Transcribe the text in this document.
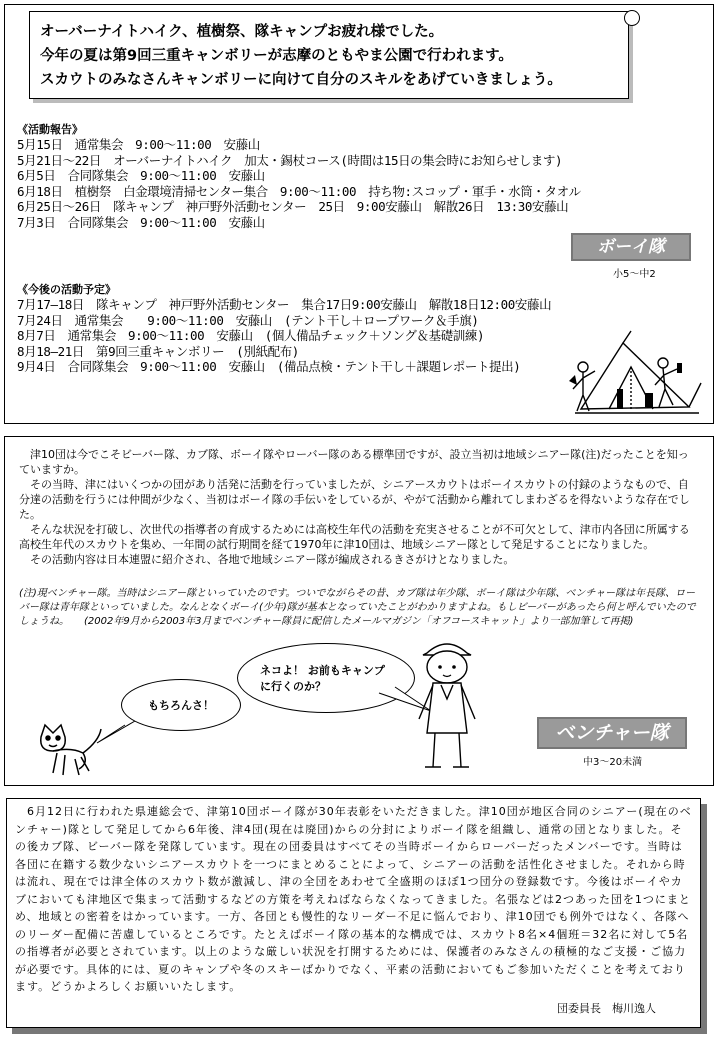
オーバーナイトハイク、植樹祭、隊キャンプお疲れ様でした。
今年の夏は第9回三重キャンボリーが志摩のともやま公園で行われます。
スカウトのみなさんキャンボリーに向けて自分のスキルをあげていきましょう。
《活動報告》
5月15日　通常集会　9:00～11:00　安藤山
5月21日～22日　オーバーナイトハイク　加太・錫杖コース(時間は15日の集会時にお知らせします)
6月5日　合同隊集会　9:00～11:00　安藤山
6月18日　植樹祭　白金環境清掃センター集合　9:00～11:00　持ち物:スコップ・軍手・水筒・タオル
6月25日～26日　隊キャンプ　神戸野外活動センター　25日　9:00安藤山　解散26日　13:30安藤山
7月3日　合同隊集会　9:00～11:00　安藤山
ボーイ隊
小5～中2
《今後の活動予定》
7月17―18日　隊キャンプ　神戸野外活動センター　集合17日9:00安藤山　解散18日12:00安藤山
7月24日　通常集会　　9:00～11:00　安藤山　(テント干し＋ロープワーク＆手旗)
8月7日　通常集会　9:00～11:00　安藤山　(個人備品チェック＋ソング＆基礎訓練)
8月18―21日　第9回三重キャンボリー　(別紙配布)
9月4日　合同隊集会　9:00～11:00　安藤山　(備品点検・テント干し＋課題レポート提出)
　津10団は今でこそビーバー隊、カブ隊、ボーイ隊やローバー隊のある標準団ですが、設立当初は地域シニアー隊(注)だったことを知っていますか。
　その当時、津にはいくつかの団があり活発に活動を行っていましたが、シニアースカウトはボーイスカウトの付録のようなもので、自分達の活動を行うには仲間が少なく、当初はボーイ隊の手伝いをしているが、やがて活動から離れてしまわざるを得ないような存在でした。
　そんな状況を打破し、次世代の指導者の育成するためには高校生年代の活動を充実させることが不可欠として、津市内各団に所属する高校生年代のスカウトを集め、一年間の試行期間を経て1970年に津10団は、地域シニアー隊として発足することになりました。
　その活動内容は日本連盟に紹介され、各地で地域シニアー隊が編成されるきさがけとなりました。
(注)現ベンチャー隊。当時はシニアー隊といっていたのです。ついでながらその昔、カブ隊は年少隊、ボーイ隊は少年隊、ベンチャー隊は年長隊、ローバー隊は青年隊といっていました。なんとなくボーイ(少年)隊が基本となっていたことがわかりますよね。もしビーバーがあったら何と呼んでいたのでしょうね。　　(2002年9月から2003年3月までベンチャー隊員に配信したメールマガジン「オフコースキャット」より一部加筆して再掲)
ネコよ！ お前もキャンプに行くのか？
もちろんさ！
ベンチャー隊
中3～20未満
　6月12日に行われた県連総会で、津第10団ボーイ隊が30年表彰をいただきました。津10団が地区合同のシニアー(現在のベンチャー)隊として発足してから6年後、津4団(現在は廃団)からの分封によりボーイ隊を組織し、通常の団となりました。その後カブ隊、ビーバー隊を発隊しています。現在の団委員はすべてその当時ボーイからローバーだったメンバーです。当時は各団に在籍する数少ないシニアースカウトを一つにまとめることによって、シニアーの活動を活性化させました。それから時は流れ、現在では津全体のスカウト数が激減し、津の全団をあわせて全盛期のほぼ1つ団分の登録数です。今後はボーイやカブにおいても津地区で集まって活動するなどの方策を考えねばならなくなってきました。名張などは2つあった団を1つにまとめ、地域との密着をはかっています。一方、各団とも慢性的なリーダー不足に悩んでおり、津10団でも例外ではなく、各隊へのリーダー配備に苦慮しているところです。たとえばボーイ隊の基本的な構成では、スカウト8名×4個班＝32名に対して5名の指導者が必要とされています。以上のような厳しい状況を打開するためには、保護者のみなさんの積極的なご支援・ご協力が必要です。具体的には、夏のキャンプや冬のスキーばかりでなく、平素の活動においてもご参加いただくことを考えております。どうかよろしくお願いいたします。
団委員長　梅川逸人
